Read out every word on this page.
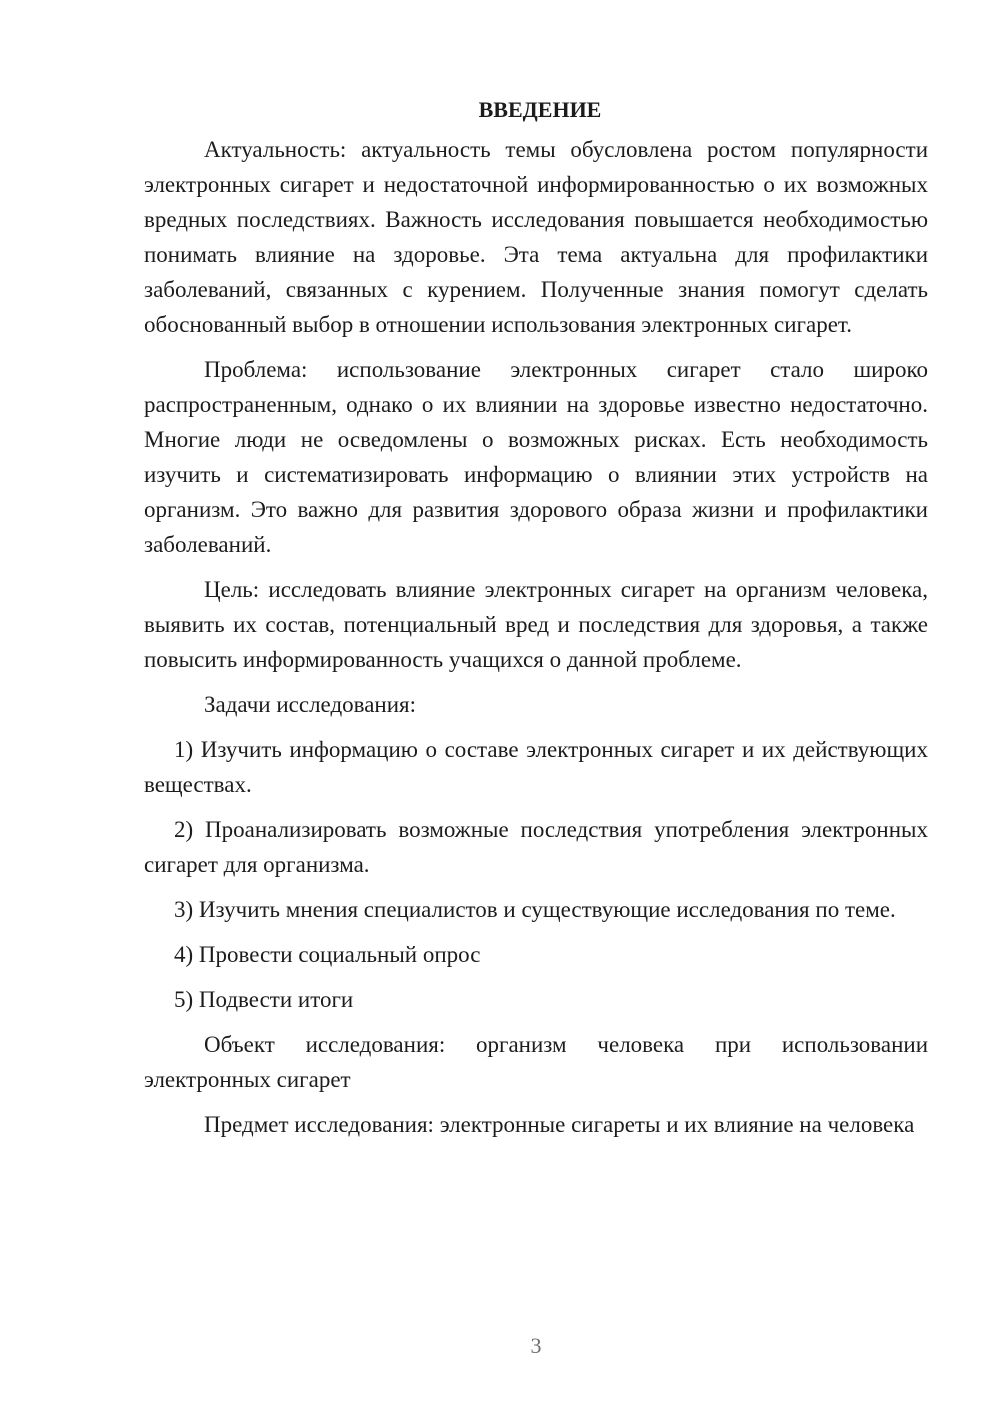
ВВЕДЕНИЕ

Актуальность: актуальность темы обусловлена ростом популярности электронных сигарет и недостаточной информированностью о их возможных вредных последствиях. Важность исследования повышается необходимостью понимать влияние на здоровье. Эта тема актуальна для профилактики заболеваний, связанных с курением. Полученные знания помогут сделать обоснованный выбор в отношении использования электронных сигарет.

Проблема: использование электронных сигарет стало широко распространенным, однако о их влиянии на здоровье известно недостаточно. Многие люди не осведомлены о возможных рисках. Есть необходимость изучить и систематизировать информацию о влиянии этих устройств на организм. Это важно для развития здорового образа жизни и профилактики заболеваний.

Цель: исследовать влияние электронных сигарет на организм человека, выявить их состав, потенциальный вред и последствия для здоровья, а также повысить информированность учащихся о данной проблеме.

Задачи исследования:

1) Изучить информацию о составе электронных сигарет и их действующих веществах.

2) Проанализировать возможные последствия употребления электронных сигарет для организма.

3) Изучить мнения специалистов и существующие исследования по теме.

4) Провести социальный опрос

5) Подвести итоги

Объект исследования: организм человека при использовании электронных сигарет

Предмет исследования: электронные сигареты и их влияние на человека

3
